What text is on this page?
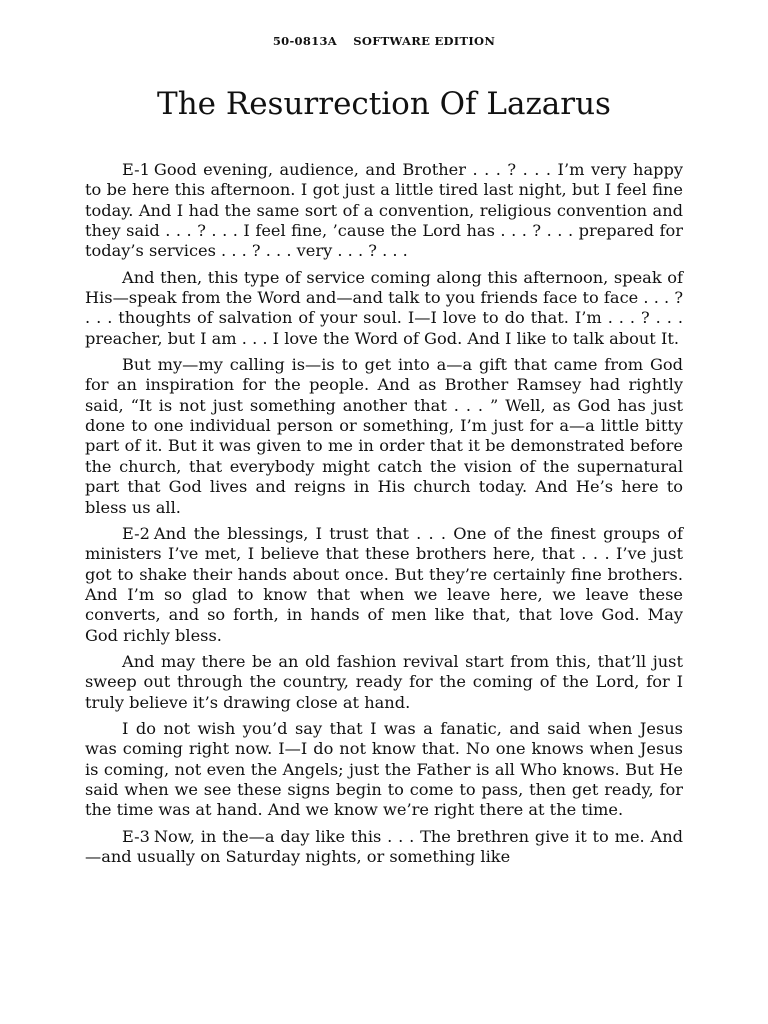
50-0813A SOFTWARE EDITION
The Resurrection Of Lazarus

E-1 Good evening, audience, and Brother . . . ? . . . I’m very happy to be here this afternoon. I got just a little tired last night, but I feel fine today. And I had the same sort of a convention, religious convention and they said . . . ? . . . I feel fine, ’cause the Lord has . . . ? . . . prepared for today’s services . . . ? . . . very . . . ? . . .

And then, this type of service coming along this afternoon, speak of His—speak from the Word and—and talk to you friends face to face . . . ? . . . thoughts of salvation of your soul. I—I love to do that. I’m . . . ? . . . preacher, but I am . . . I love the Word of God. And I like to talk about It.

But my—my calling is—is to get into a—a gift that came from God for an inspiration for the people. And as Brother Ramsey had rightly said, “It is not just something another that . . . ” Well, as God has just done to one individual person or something, I’m just for a—a little bitty part of it. But it was given to me in order that it be demonstrated before the church, that everybody might catch the vision of the supernatural part that God lives and reigns in His church today. And He’s here to bless us all.

E-2 And the blessings, I trust that . . . One of the finest groups of ministers I’ve met, I believe that these brothers here, that . . . I’ve just got to shake their hands about once. But they’re certainly fine brothers. And I’m so glad to know that when we leave here, we leave these converts, and so forth, in hands of men like that, that love God. May God richly bless.

And may there be an old fashion revival start from this, that’ll just sweep out through the country, ready for the coming of the Lord, for I truly believe it’s drawing close at hand.

I do not wish you’d say that I was a fanatic, and said when Jesus was coming right now. I—I do not know that. No one knows when Jesus is coming, not even the Angels; just the Father is all Who knows. But He said when we see these signs begin to come to pass, then get ready, for the time was at hand. And we know we’re right there at the time.

E-3 Now, in the—a day like this . . . The brethren give it to me. And—and usually on Saturday nights, or something like
